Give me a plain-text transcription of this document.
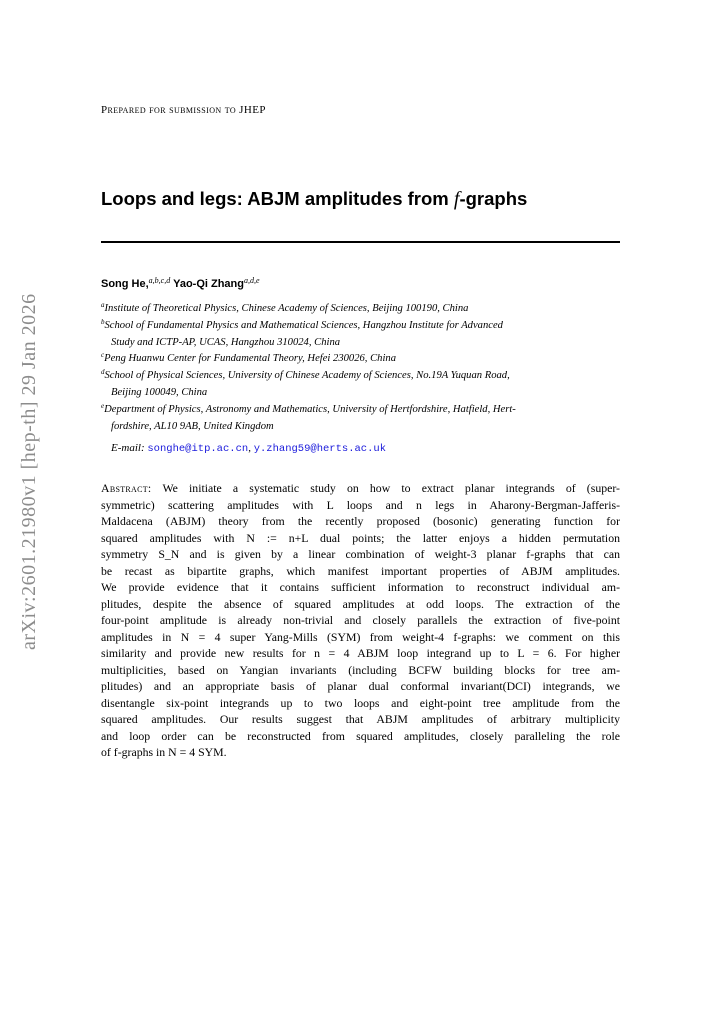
arXiv:2601.21980v1 [hep-th] 29 Jan 2026
Prepared for submission to JHEP
Loops and legs: ABJM amplitudes from f-graphs
Song He,$^{a,b,c,d}$ Yao-Qi Zhang$^{a,d,e}$
$^a$Institute of Theoretical Physics, Chinese Academy of Sciences, Beijing 100190, China
$^b$School of Fundamental Physics and Mathematical Sciences, Hangzhou Institute for Advanced
Study and ICTP-AP, UCAS, Hangzhou 310024, China
$^c$Peng Huanwu Center for Fundamental Theory, Hefei 230026, China
$^d$School of Physical Sciences, University of Chinese Academy of Sciences, No.19A Yuquan Road,
Beijing 100049, China
$^e$Department of Physics, Astronomy and Mathematics, University of Hertfordshire, Hatfield, Hert-
fordshire, AL10 9AB, United Kingdom
E-mail: songhe@itp.ac.cn, y.zhang59@herts.ac.uk
Abstract: We initiate a systematic study on how to extract planar integrands of (super-
symmetric) scattering amplitudes with L loops and n legs in Aharony-Bergman-Jafferis-
Maldacena (ABJM) theory from the recently proposed (bosonic) generating function for
squared amplitudes with N := n+L dual points; the latter enjoys a hidden permutation
symmetry S_N and is given by a linear combination of weight-3 planar f-graphs that can
be recast as bipartite graphs, which manifest important properties of ABJM amplitudes.
We provide evidence that it contains sufficient information to reconstruct individual am-
plitudes, despite the absence of squared amplitudes at odd loops. The extraction of the
four-point amplitude is already non-trivial and closely parallels the extraction of five-point
amplitudes in N = 4 super Yang-Mills (SYM) from weight-4 f-graphs: we comment on this
similarity and provide new results for n = 4 ABJM loop integrand up to L = 6. For higher
multiplicities, based on Yangian invariants (including BCFW building blocks for tree am-
plitudes) and an appropriate basis of planar dual conformal invariant(DCI) integrands, we
disentangle six-point integrands up to two loops and eight-point tree amplitude from the
squared amplitudes. Our results suggest that ABJM amplitudes of arbitrary multiplicity
and loop order can be reconstructed from squared amplitudes, closely paralleling the role
of f-graphs in N = 4 SYM.
